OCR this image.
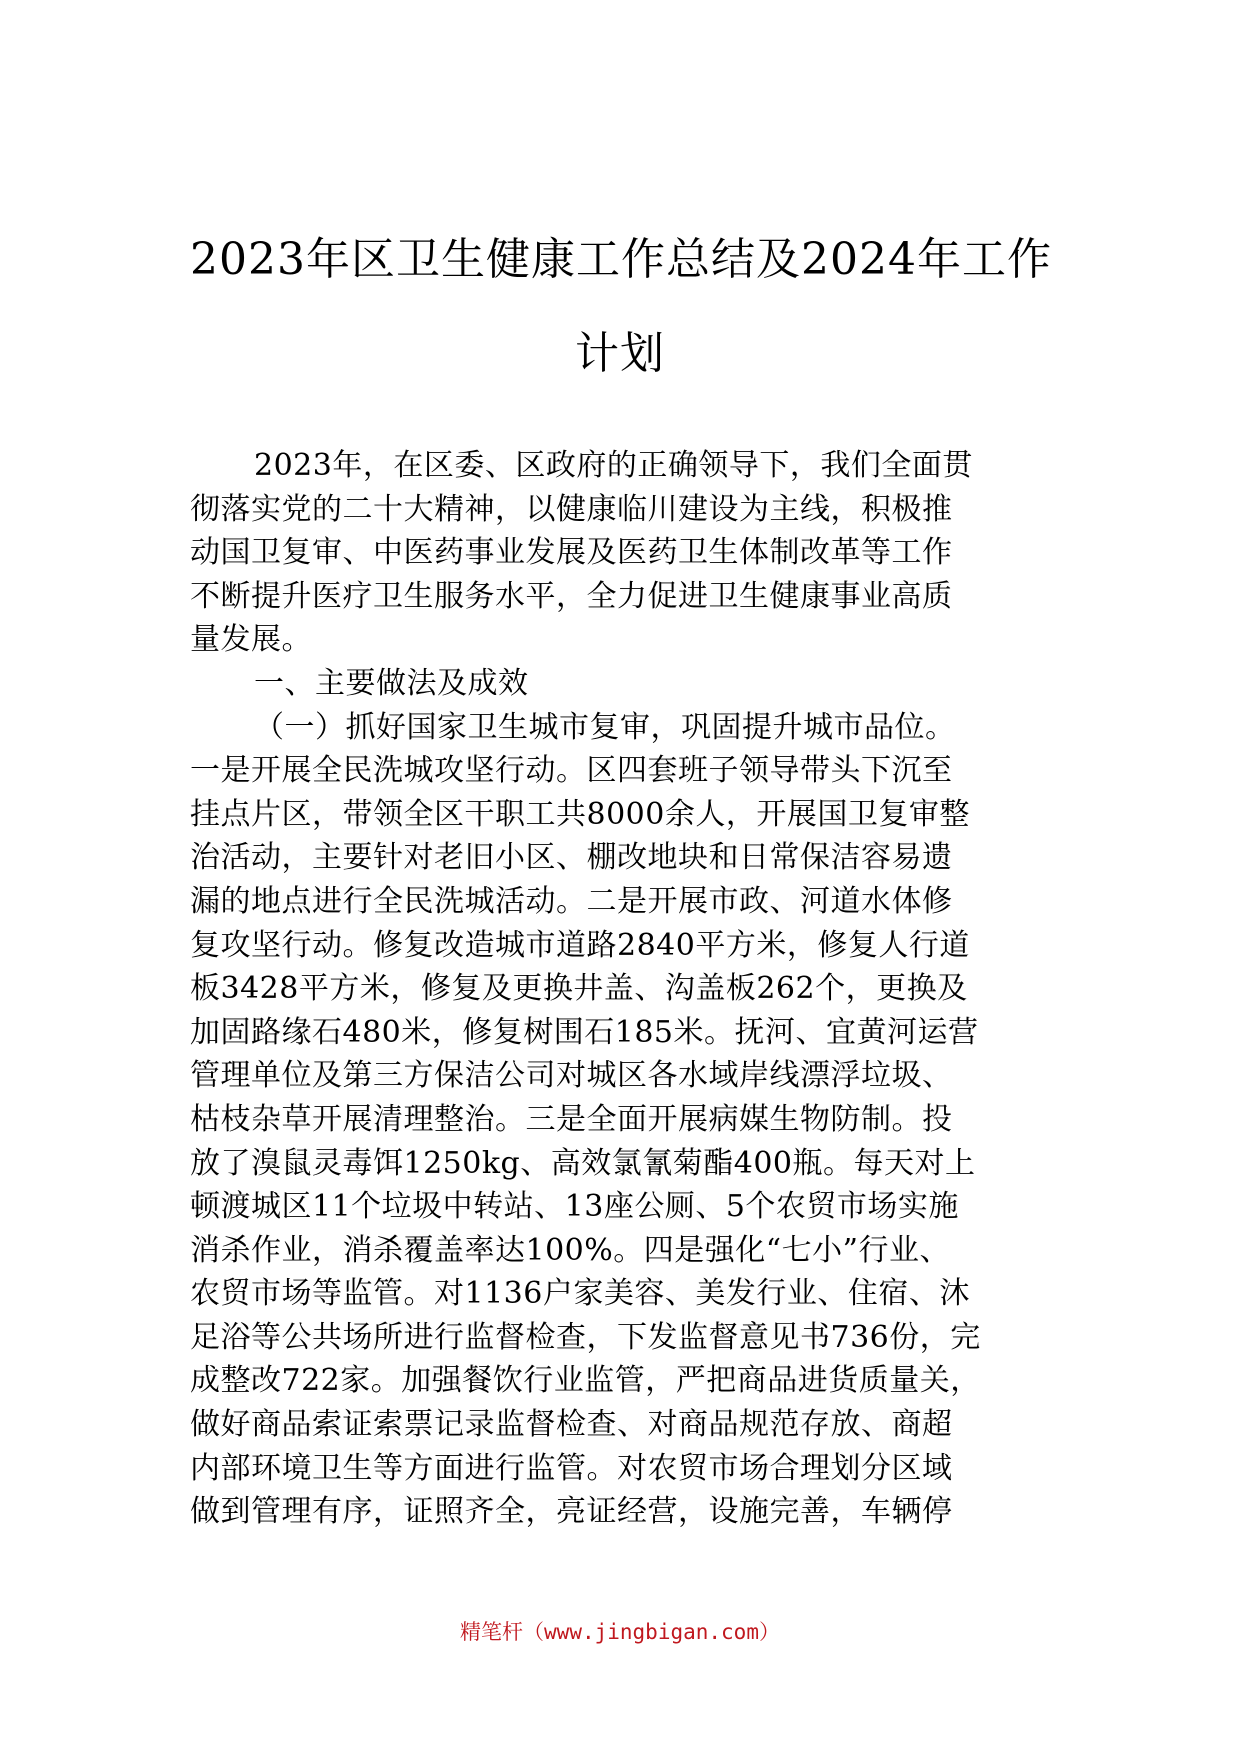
2023年区卫生健康工作总结及2024年工作
计划
2023年，在区委、区政府的正确领导下，我们全面贯
彻落实党的二十大精神，以健康临川建设为主线，积极推
动国卫复审、中医药事业发展及医药卫生体制改革等工作
不断提升医疗卫生服务水平，全力促进卫生健康事业高质
量发展。
一、主要做法及成效
（一）抓好国家卫生城市复审，巩固提升城市品位。
一是开展全民洗城攻坚行动。区四套班子领导带头下沉至
挂点片区，带领全区干职工共8000余人，开展国卫复审整
治活动，主要针对老旧小区、棚改地块和日常保洁容易遗
漏的地点进行全民洗城活动。二是开展市政、河道水体修
复攻坚行动。修复改造城市道路2840平方米，修复人行道
板3428平方米，修复及更换井盖、沟盖板262个，更换及
加固路缘石480米，修复树围石185米。抚河、宜黄河运营
管理单位及第三方保洁公司对城区各水域岸线漂浮垃圾、
枯枝杂草开展清理整治。三是全面开展病媒生物防制。投
放了溴鼠灵毒饵1250kg、高效氯氰菊酯400瓶。每天对上
顿渡城区11个垃圾中转站、13座公厕、5个农贸市场实施
消杀作业，消杀覆盖率达100%。四是强化“七小”行业、
农贸市场等监管。对1136户家美容、美发行业、住宿、沐
足浴等公共场所进行监督检查，下发监督意见书736份，完
成整改722家。加强餐饮行业监管，严把商品进货质量关，
做好商品索证索票记录监督检查、对商品规范存放、商超
内部环境卫生等方面进行监管。对农贸市场合理划分区域
做到管理有序，证照齐全，亮证经营，设施完善，车辆停
精笔杆（www.jingbigan.com）
